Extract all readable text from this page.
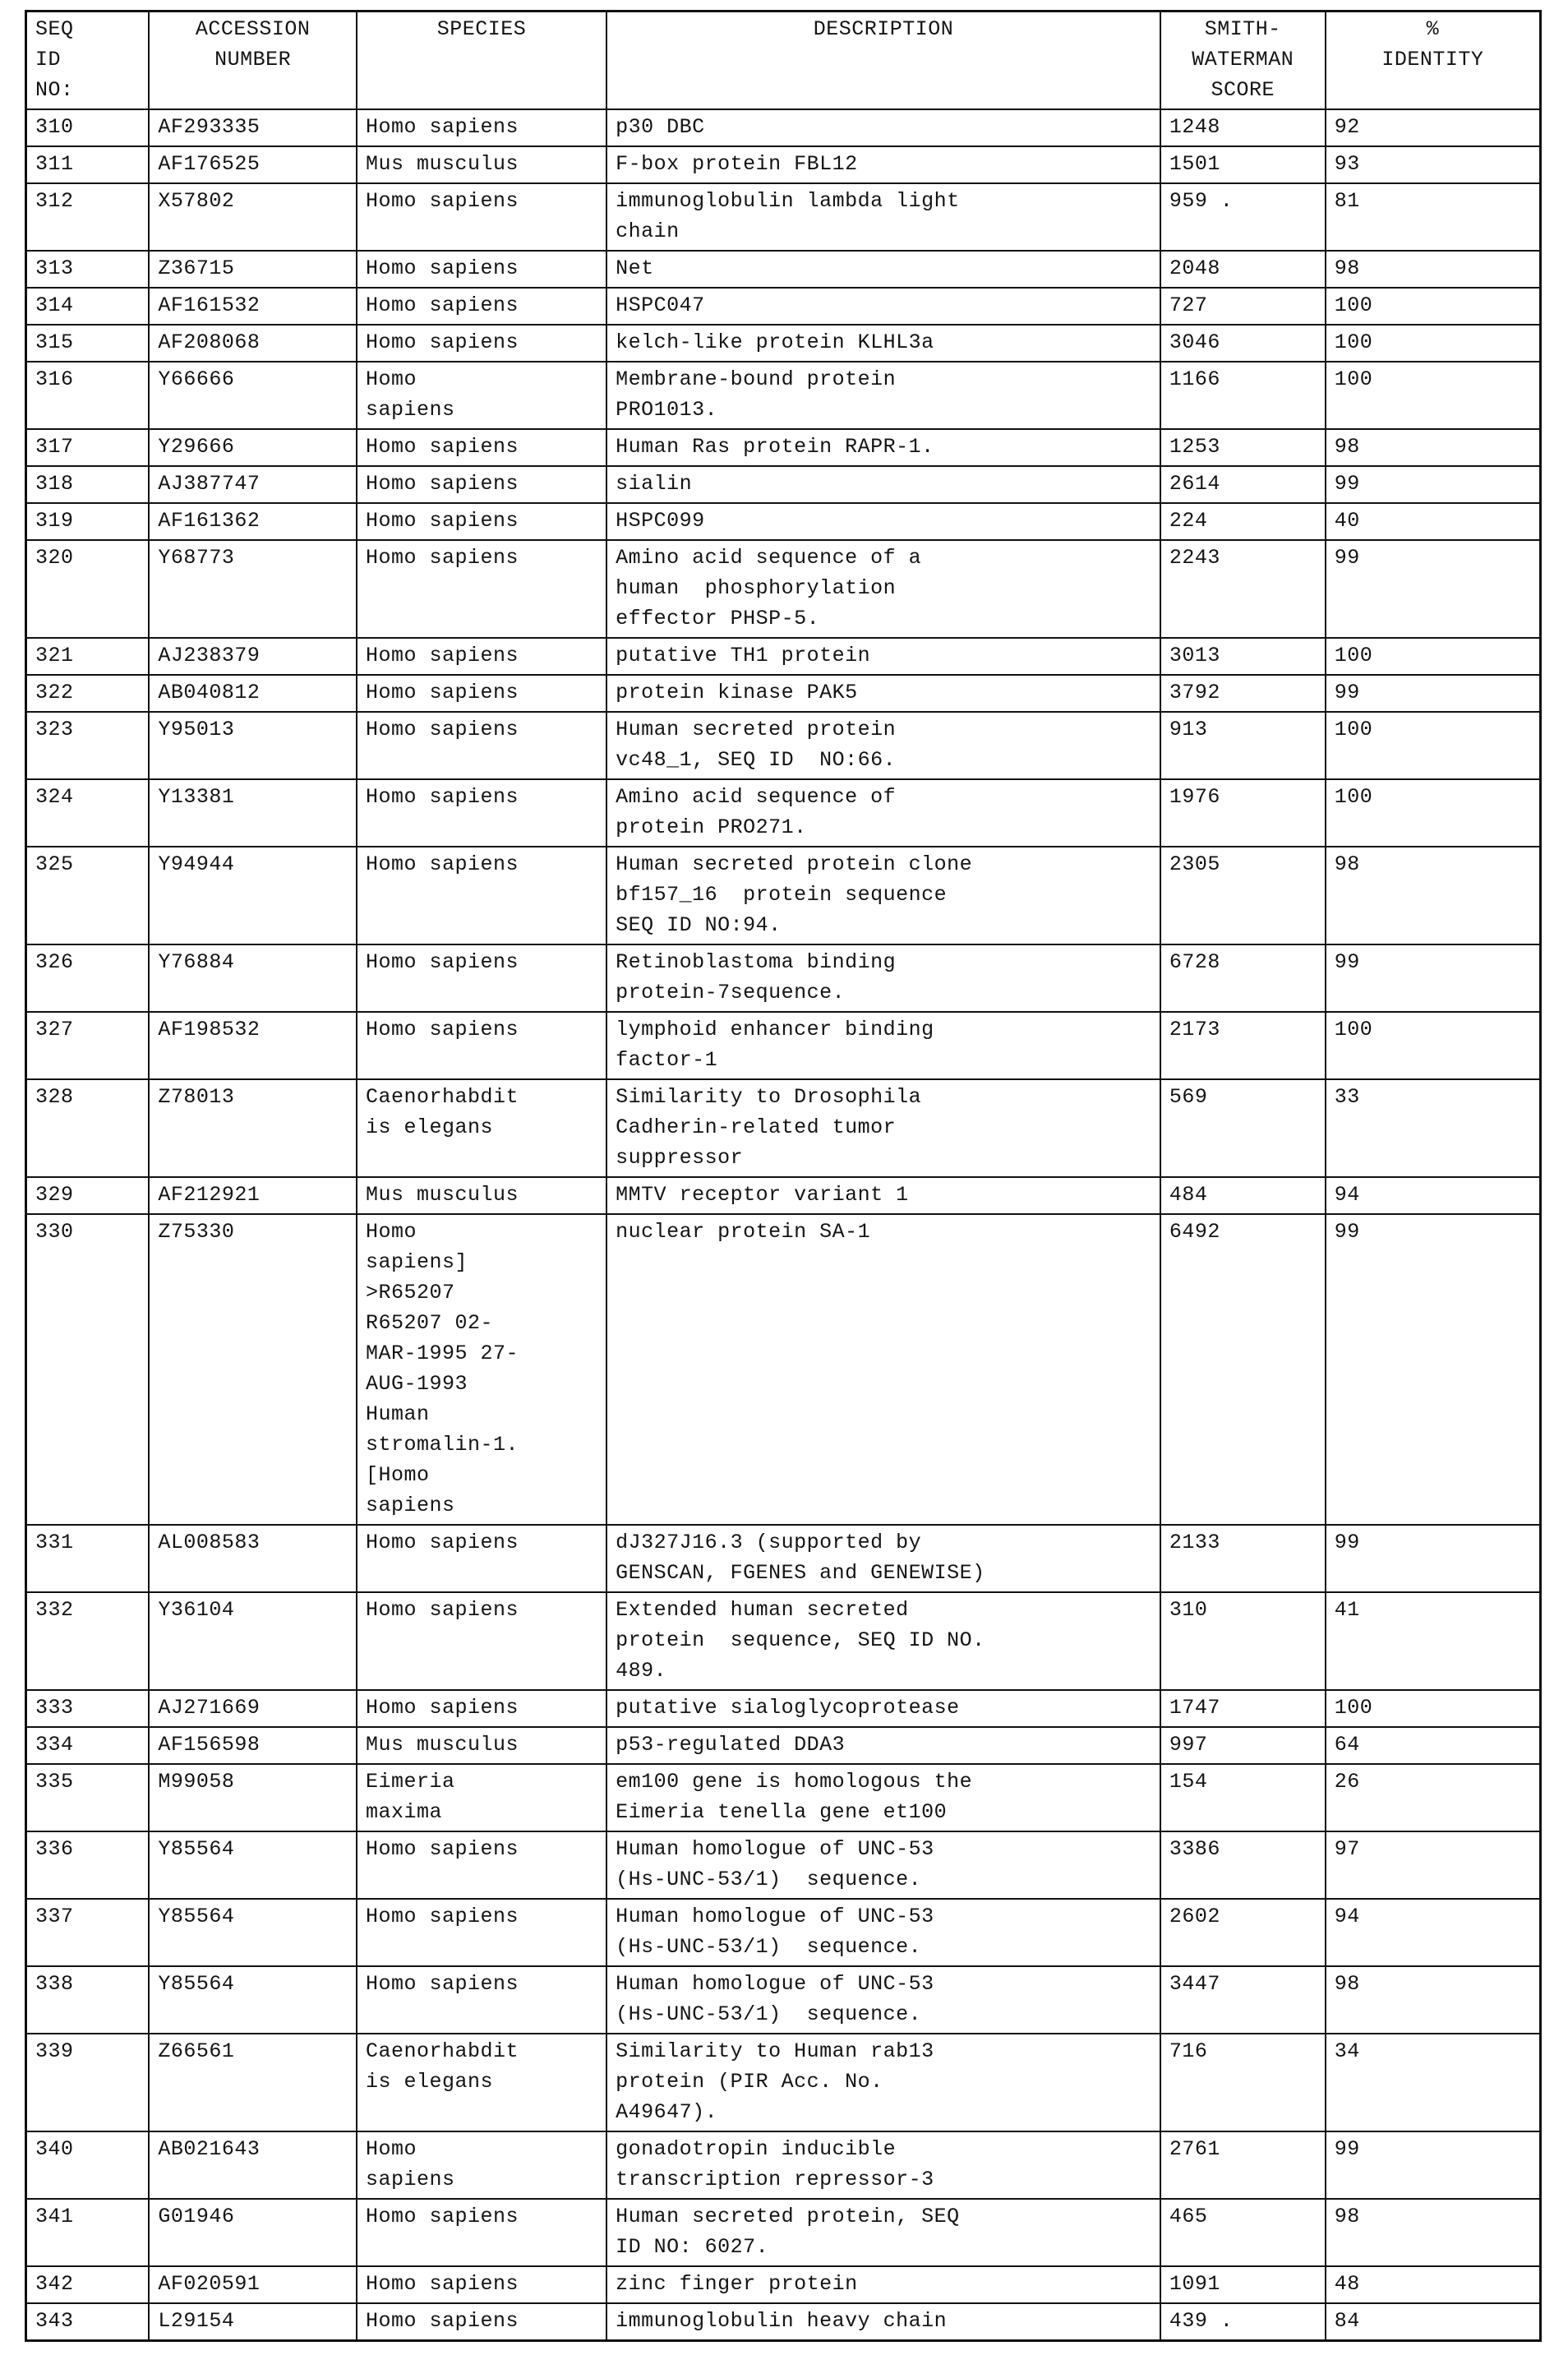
SEQ
ID
NO:	ACCESSION
NUMBER	SPECIES	DESCRIPTION	SMITH-
WATERMAN
SCORE	%
IDENTITY
310	AF293335	Homo sapiens	p30 DBC	1248	92
311	AF176525	Mus musculus	F-box protein FBL12	1501	93
312	X57802	Homo sapiens	immunoglobulin lambda light
chain	959 .	81
313	Z36715	Homo sapiens	Net	2048	98
314	AF161532	Homo sapiens	HSPC047	727	100
315	AF208068	Homo sapiens	kelch-like protein KLHL3a	3046	100
316	Y66666	Homo
sapiens	Membrane-bound protein
PRO1013.	1166	100
317	Y29666	Homo sapiens	Human Ras protein RAPR-1.	1253	98
318	AJ387747	Homo sapiens	sialin	2614	99
319	AF161362	Homo sapiens	HSPC099	224	40
320	Y68773	Homo sapiens	Amino acid sequence of a
human  phosphorylation
effector PHSP-5.	2243	99
321	AJ238379	Homo sapiens	putative TH1 protein	3013	100
322	AB040812	Homo sapiens	protein kinase PAK5	3792	99
323	Y95013	Homo sapiens	Human secreted protein
vc48_1, SEQ ID  NO:66.	913	100
324	Y13381	Homo sapiens	Amino acid sequence of
protein PRO271.	1976	100
325	Y94944	Homo sapiens	Human secreted protein clone
bf157_16  protein sequence
SEQ ID NO:94.	2305	98
326	Y76884	Homo sapiens	Retinoblastoma binding
protein-7sequence.	6728	99
327	AF198532	Homo sapiens	lymphoid enhancer binding
factor-1	2173	100
328	Z78013	Caenorhabdit
is elegans	Similarity to Drosophila
Cadherin-related tumor
suppressor	569	33
329	AF212921	Mus musculus	MMTV receptor variant 1	484	94
330	Z75330	Homo
sapiens]
>R65207
R65207 02-
MAR-1995 27-
AUG-1993
Human
stromalin-1.
[Homo
sapiens	nuclear protein SA-1	6492	99
331	AL008583	Homo sapiens	dJ327J16.3 (supported by
GENSCAN, FGENES and GENEWISE)	2133	99
332	Y36104	Homo sapiens	Extended human secreted
protein  sequence, SEQ ID NO.
489.	310	41
333	AJ271669	Homo sapiens	putative sialoglycoprotease	1747	100
334	AF156598	Mus musculus	p53-regulated DDA3	997	64
335	M99058	Eimeria
maxima	em100 gene is homologous the
Eimeria tenella gene et100	154	26
336	Y85564	Homo sapiens	Human homologue of UNC-53
(Hs-UNC-53/1)  sequence.	3386	97
337	Y85564	Homo sapiens	Human homologue of UNC-53
(Hs-UNC-53/1)  sequence.	2602	94
338	Y85564	Homo sapiens	Human homologue of UNC-53
(Hs-UNC-53/1)  sequence.	3447	98
339	Z66561	Caenorhabdit
is elegans	Similarity to Human rab13
protein (PIR Acc. No.
A49647).	716	34
340	AB021643	Homo
sapiens	gonadotropin inducible
transcription repressor-3	2761	99
341	G01946	Homo sapiens	Human secreted protein, SEQ
ID NO: 6027.	465	98
342	AF020591	Homo sapiens	zinc finger protein	1091	48
343	L29154	Homo sapiens	immunoglobulin heavy chain	439 .	84
